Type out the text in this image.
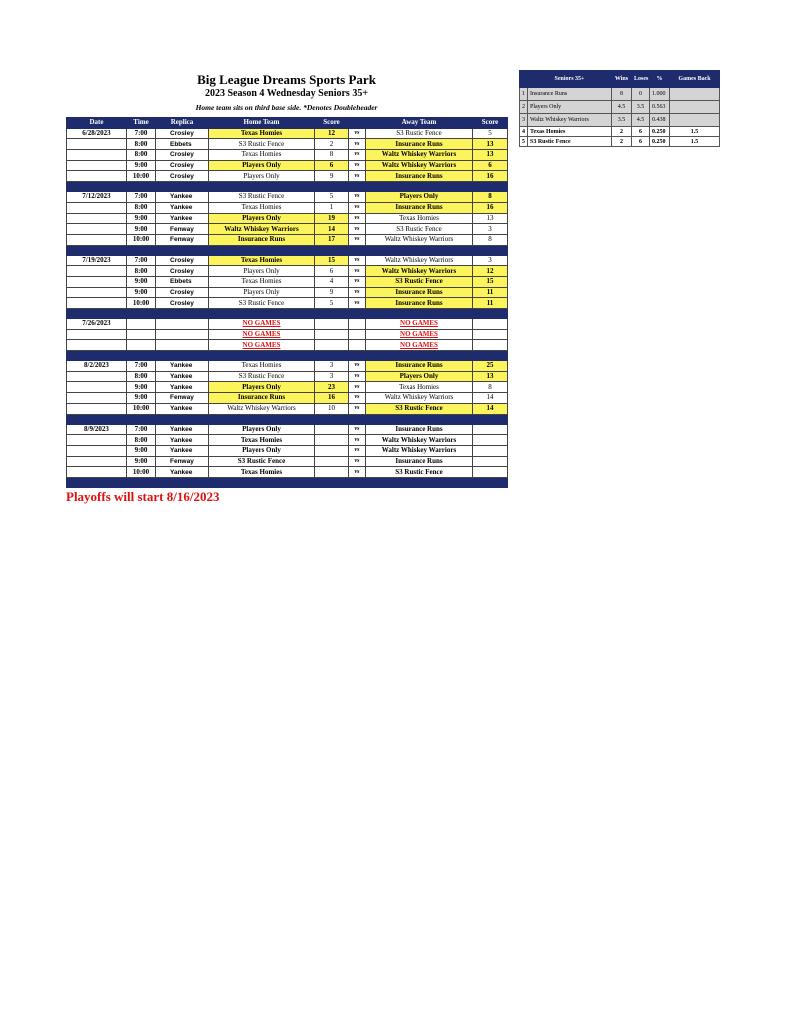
Big League Dreams Sports Park
2023 Season 4 Wednesday Seniors 35+
Home team sits on third base side. *Denotes Doubleheader
Date	Time	Replica	Home Team	Score		Away Team	Score
6/28/2023	7:00	Crosley	Texas Homies	12	vs	S3 Rustic Fence	5
	8:00	Ebbets	S3 Rustic Fence	2	vs	Insurance Runs	13
	8:00	Crosley	Texas Homies	8	vs	Waltz Whiskey Warriors	13
	9:00	Crosley	Players Only	6	vs	Waltz Whiskey Warriors	6
	10:00	Crosley	Players Only	9	vs	Insurance Runs	16

7/12/2023	7:00	Yankee	S3 Rustic Fence	5	vs	Players Only	8
	8:00	Yankee	Texas Homies	1	vs	Insurance Runs	16
	9:00	Yankee	Players Only	19	vs	Texas Homies	13
	9:00	Fenway	Waltz Whiskey Warriors	14	vs	S3 Rustic Fence	3
	10:00	Fenway	Insurance Runs	17	vs	Waltz Whiskey Warriors	8

7/19/2023	7:00	Crosley	Texas Homies	15	vs	Waltz Whiskey Warriors	3
	8:00	Crosley	Players Only	6	vs	Waltz Whiskey Warriors	12
	9:00	Ebbets	Texas Homies	4	vs	S3 Rustic Fence	15
	9:00	Crosley	Players Only	9	vs	Insurance Runs	11
	10:00	Crosley	S3 Rustic Fence	5	vs	Insurance Runs	11

7/26/2023			NO GAMES			NO GAMES	
			NO GAMES			NO GAMES	
			NO GAMES			NO GAMES	

8/2/2023	7:00	Yankee	Texas Homies	3	vs	Insurance Runs	25
	8:00	Yankee	S3 Rustic Fence	3	vs	Players Only	13
	9:00	Yankee	Players Only	23	vs	Texas Homies	8
	9:00	Fenway	Insurance Runs	16	vs	Waltz Whiskey Warriors	14
	10:00	Yankee	Waltz Whiskey Warriors	10	vs	S3 Rustic Fence	14

8/9/2023	7:00	Yankee	Players Only		vs	Insurance Runs	
	8:00	Yankee	Texas Homies		vs	Waltz Whiskey Warriors	
	9:00	Yankee	Players Only		vs	Waltz Whiskey Warriors	
	9:00	Fenway	S3 Rustic Fence		vs	Insurance Runs	
	10:00	Yankee	Texas Homies		vs	S3 Rustic Fence	

	Seniors 35+	Wins	Loses	%	Games Back
1	Insurance Runs	8	0	1.000	
2	Players Only	4.5	3.5	0.563	
3	Waltz Whiskey Warriors	3.5	4.5	0.438	
4	Texas Homies	2	6	0.250	1.5
5	S3 Rustic Fence	2	6	0.250	1.5
Playoffs will start 8/16/2023
